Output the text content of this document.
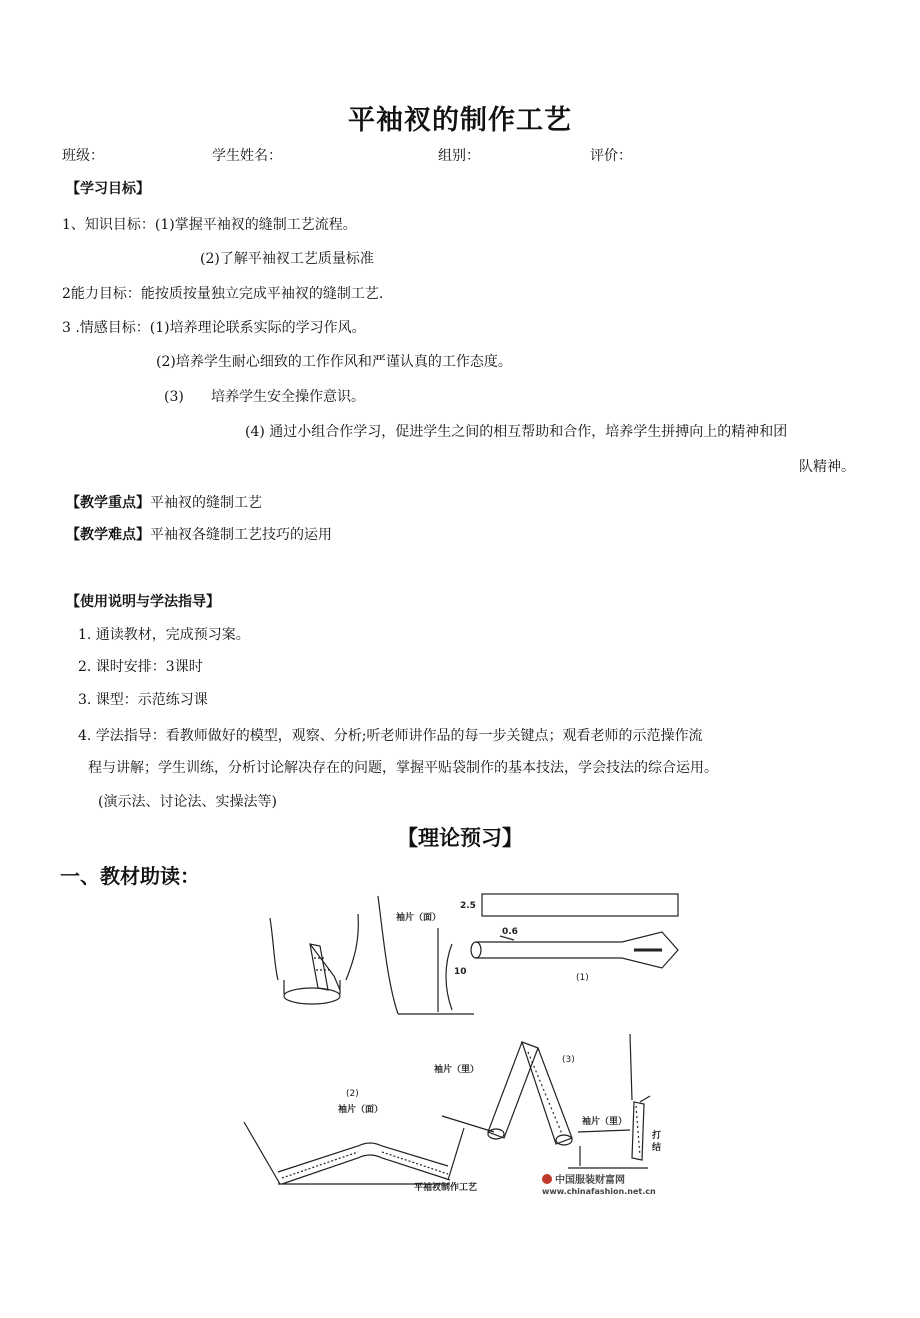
平袖衩的制作工艺
班级：	学生姓名：	组别：	评价：
【学习目标】
1、知识目标：(1)掌握平袖衩的缝制工艺流程。
(2)了解平袖衩工艺质量标准
2能力目标：能按质按量独立完成平袖衩的缝制工艺.
3 .情感目标：(1)培养理论联系实际的学习作风。
(2)培养学生耐心细致的工作作风和严谨认真的工作态度。
(3) 培养学生安全操作意识。
(4) 通过小组合作学习，促进学生之间的相互帮助和合作，培养学生拼搏向上的精神和团
队精神。
【教学重点】平袖衩的缝制工艺
【教学难点】平袖衩各缝制工艺技巧的运用
【使用说明与学法指导】
1. 通读教材，完成预习案。
2. 课时安排：3课时
3. 课型：示范练习课
4. 学法指导：看教师做好的模型，观察、分析;听老师讲作品的每一步关键点；观看老师的示范操作流
程与讲解；学生训练，分析讨论解决存在的问题，掌握平贴袋制作的基本技法，学会技法的综合运用。
(演示法、讨论法、实操法等)
【理论预习】
一、教材助读：
袖片（面）
2.5
0.6
10
(1)
(2)
袖片（面）
袖片（里）
(3)
袖片（里）
打
结
平袖衩制作工艺
中国服装财富网
www.chinafashion.net.cn
